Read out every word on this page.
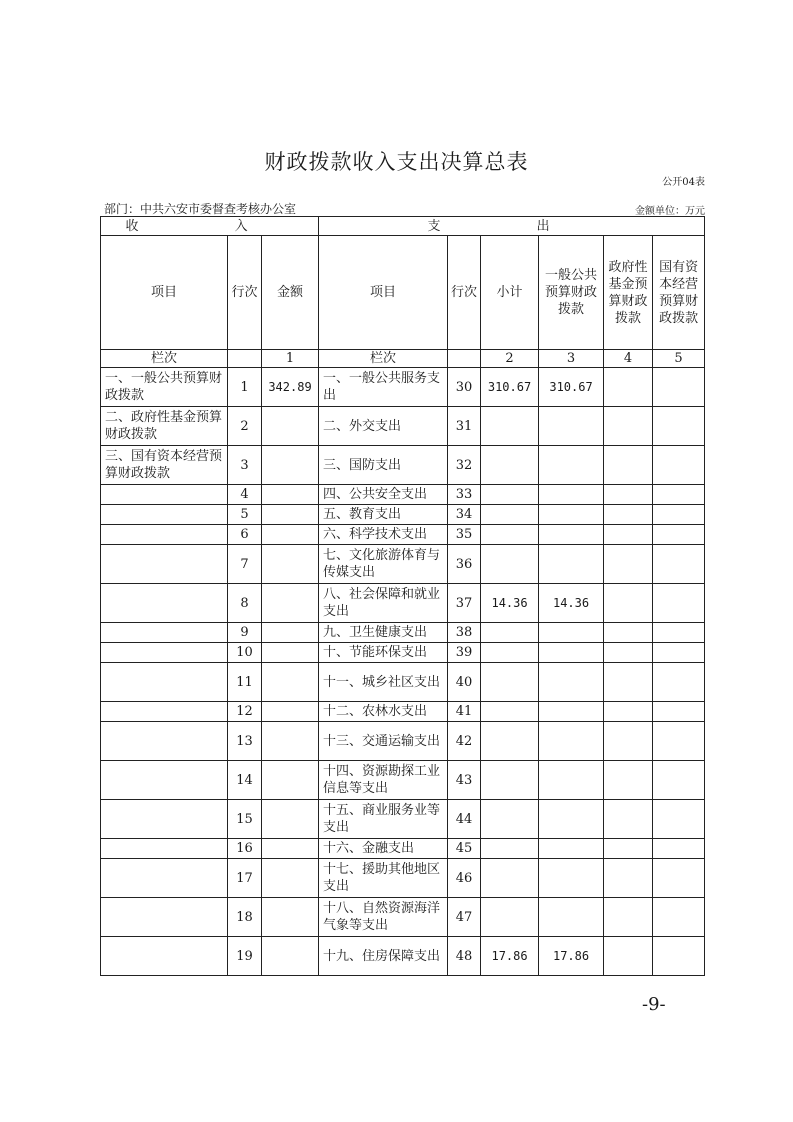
财政拨款收入支出决算总表
公开04表
部门：中共六安市委督查考核办公室	金额单位：万元
收 入			支 出					
项目	行次	金额	项目	行次	小计	一般公共预算财政拨款	政府性基金预算财政拨款	国有资本经营预算财政拨款
栏次		1	栏次		2	3	4	5
一、一般公共预算财政拨款	1	342.89	一、一般公共服务支出	30	310.67	310.67		
二、政府性基金预算财政拨款	2		二、外交支出	31				
三、国有资本经营预算财政拨款	3		三、国防支出	32				
	4		四、公共安全支出	33				
	5		五、教育支出	34				
	6		六、科学技术支出	35				
	7		七、文化旅游体育与传媒支出	36				
	8		八、社会保障和就业支出	37	14.36	14.36		
	9		九、卫生健康支出	38				
	10		十、节能环保支出	39				
	11		十一、城乡社区支出	40				
	12		十二、农林水支出	41				
	13		十三、交通运输支出	42				
	14		十四、资源勘探工业信息等支出	43				
	15		十五、商业服务业等支出	44				
	16		十六、金融支出	45				
	17		十七、援助其他地区支出	46				
	18		十八、自然资源海洋气象等支出	47				
	19		十九、住房保障支出	48	17.86	17.86		
-9-
